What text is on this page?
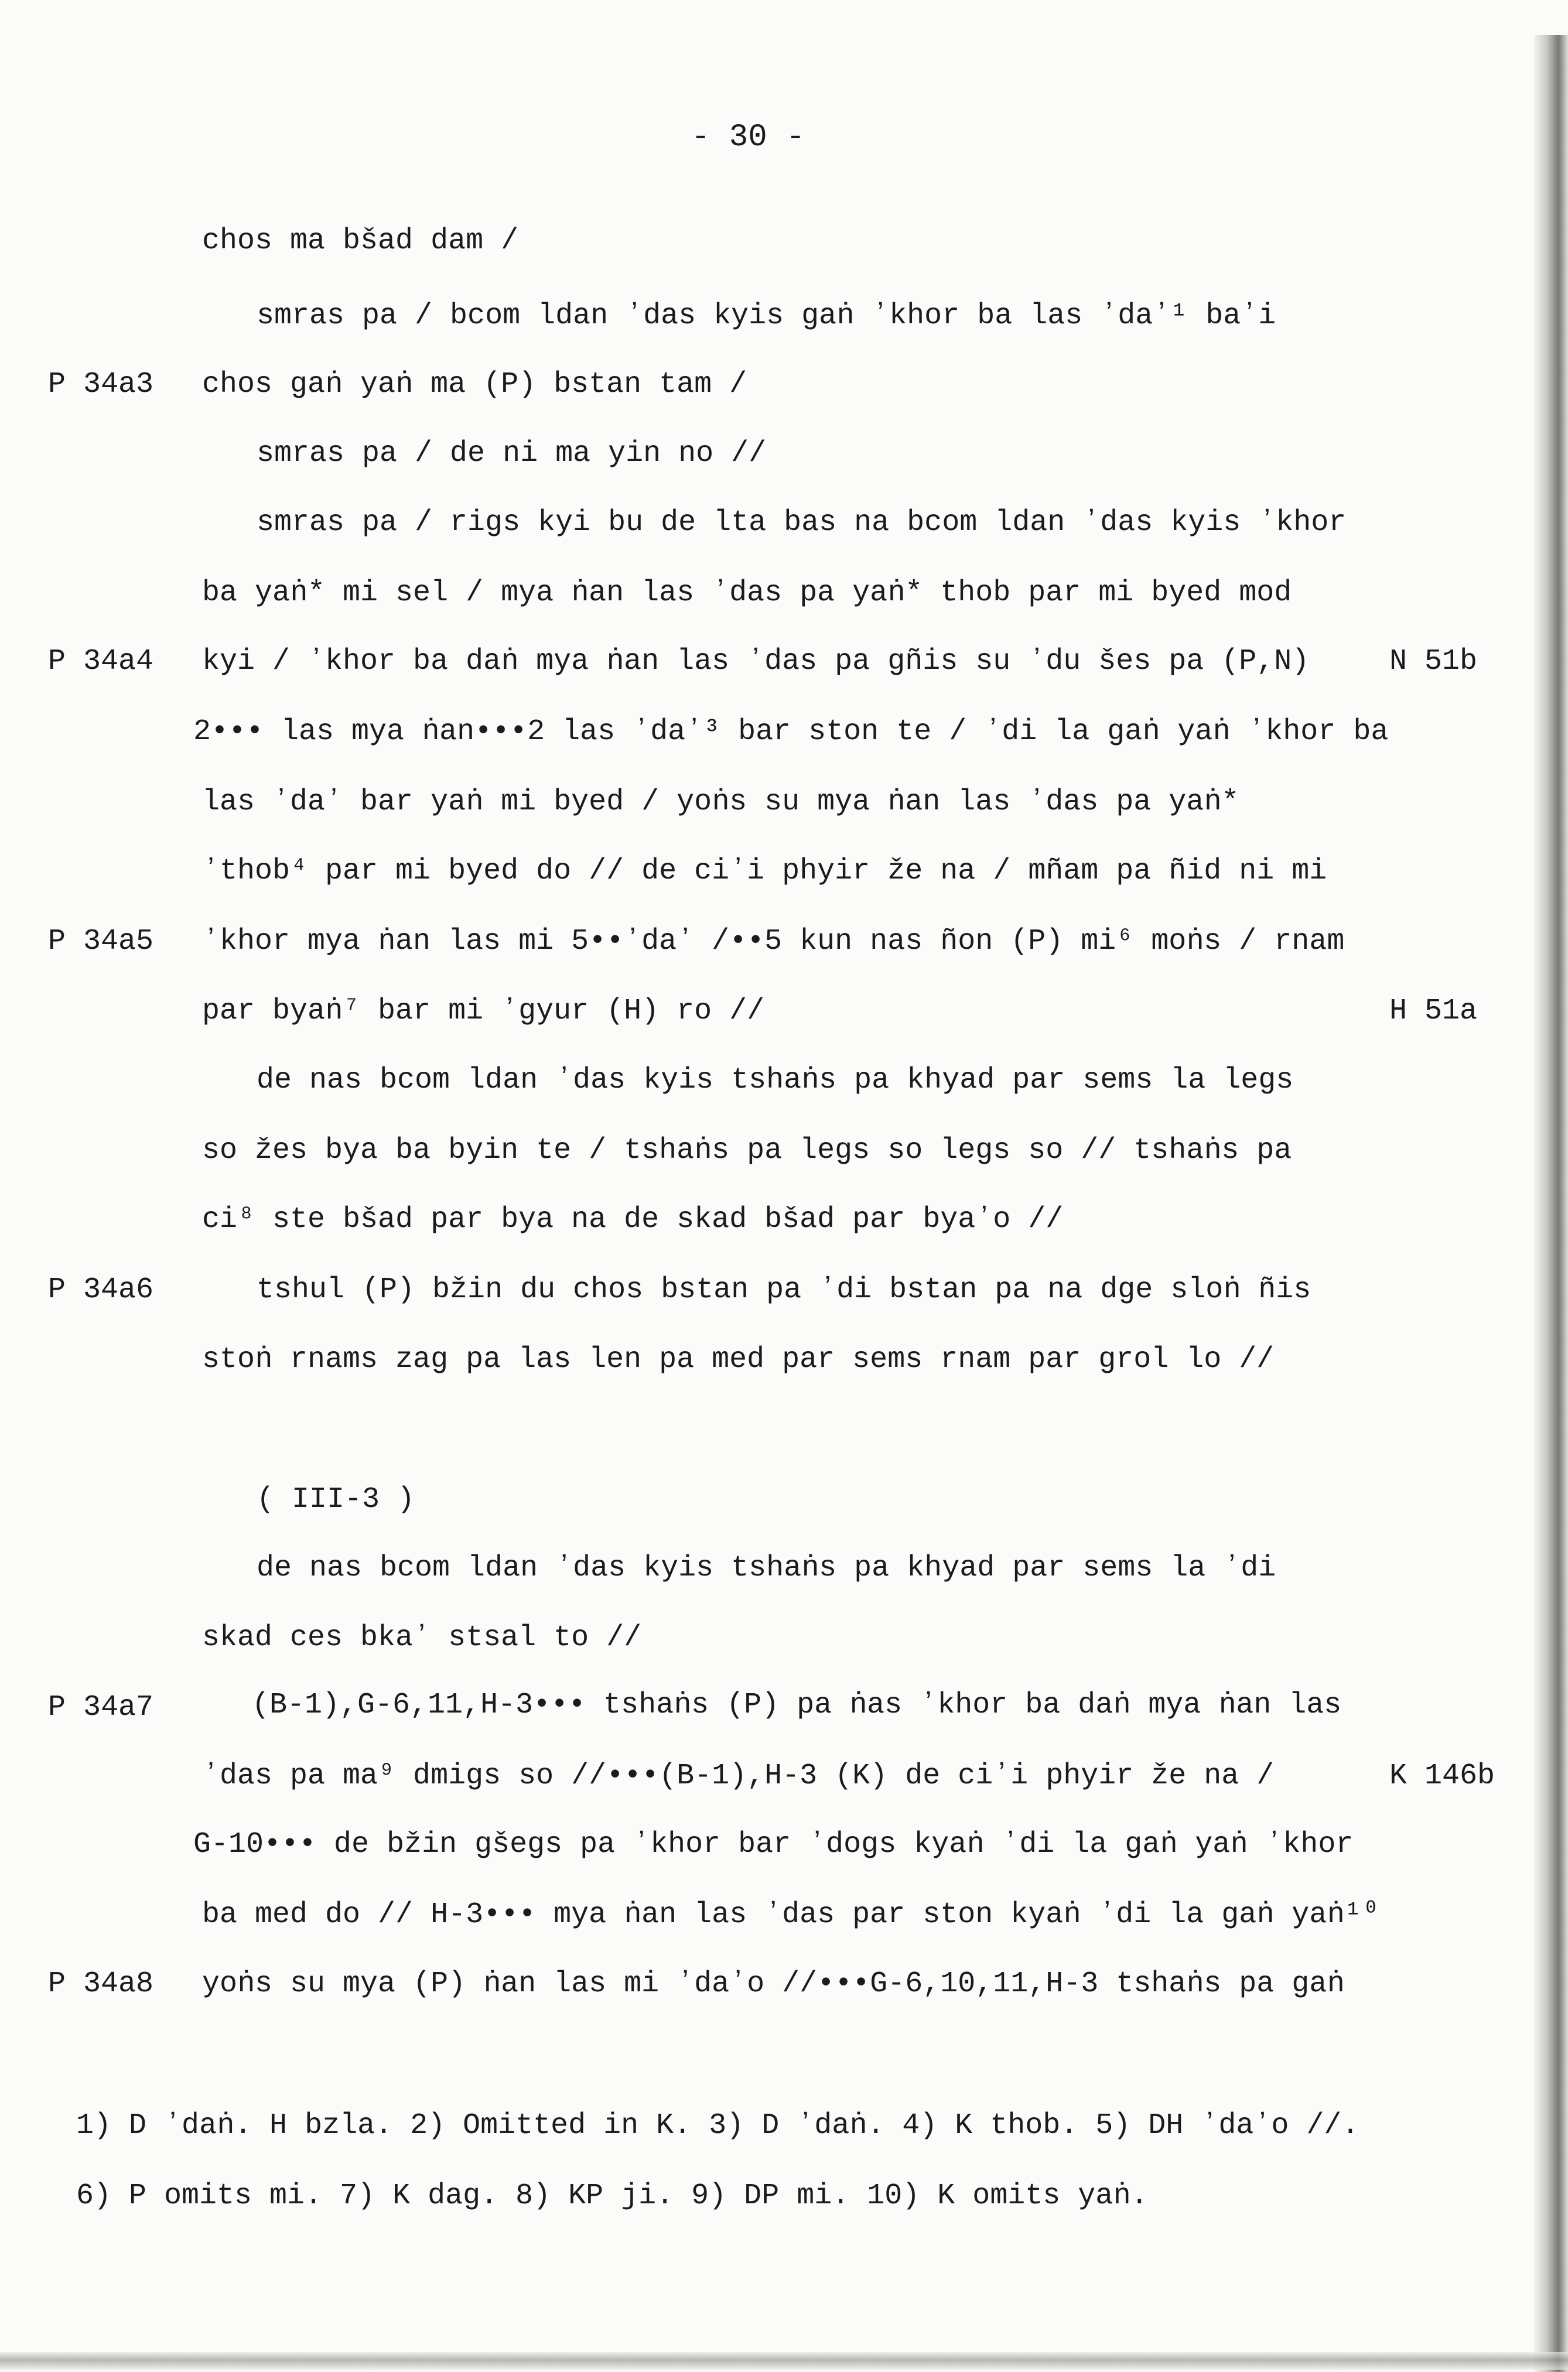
- 30 -
chos ma bšad dam /
smras pa / bcom ldan ʼdas kyis gaṅ ʼkhor ba las ʼdaʼ¹ baʼi
chos gaṅ yaṅ ma (P) bstan tam /
smras pa / de ni ma yin no //
smras pa / rigs kyi bu de lta bas na bcom ldan ʼdas kyis ʼkhor
ba yaṅ* mi sel / mya ṅan las ʼdas pa yaṅ* thob par mi byed mod
kyi / ʼkhor ba daṅ mya ṅan las ʼdas pa gñis su ʼdu šes pa (P,N)
2••• las mya ṅan•••2 las ʼdaʼ³ bar ston te / ʼdi la gaṅ yaṅ ʼkhor ba
las ʼdaʼ bar yaṅ mi byed / yoṅs su mya ṅan las ʼdas pa yaṅ*
ʼthob⁴ par mi byed do // de ciʼi phyir že na / mñam pa ñid ni mi
ʼkhor mya ṅan las mi 5••ʼdaʼ /••5 kun nas ñon (P) mi⁶ moṅs / rnam
par byaṅ⁷ bar mi ʼgyur (H) ro //
de nas bcom ldan ʼdas kyis tshaṅs pa khyad par sems la legs
so žes bya ba byin te / tshaṅs pa legs so legs so // tshaṅs pa
ci⁸ ste bšad par bya na de skad bšad par byaʼo //
tshul (P) bžin du chos bstan pa ʼdi bstan pa na dge sloṅ ñis
stoṅ rnams zag pa las len pa med par sems rnam par grol lo //
( III-3 )
de nas bcom ldan ʼdas kyis tshaṅs pa khyad par sems la ʼdi
skad ces bkaʼ stsal to //
(B-1),G-6,11,H-3••• tshaṅs (P) pa ṅas ʼkhor ba daṅ mya ṅan las
ʼdas pa ma⁹ dmigs so //•••(B-1),H-3 (K) de ciʼi phyir že na /
G-10••• de bžin gšegs pa ʼkhor bar ʼdogs kyaṅ ʼdi la gaṅ yaṅ ʼkhor
ba med do // H-3••• mya ṅan las ʼdas par ston kyaṅ ʼdi la gaṅ yaṅ¹⁰
yoṅs su mya (P) ṅan las mi ʼdaʼo //•••G-6,10,11,H-3 tshaṅs pa gaṅ
P 34a3
P 34a4
P 34a5
P 34a6
P 34a7
P 34a8
N 51b
H 51a
K 146b
1) D ʼdaṅ. H bzla. 2) Omitted in K. 3) D ʼdaṅ. 4) K thob. 5) DH ʼdaʼo //.
6) P omits mi. 7) K dag. 8) KP ji. 9) DP mi. 10) K omits yaṅ.
